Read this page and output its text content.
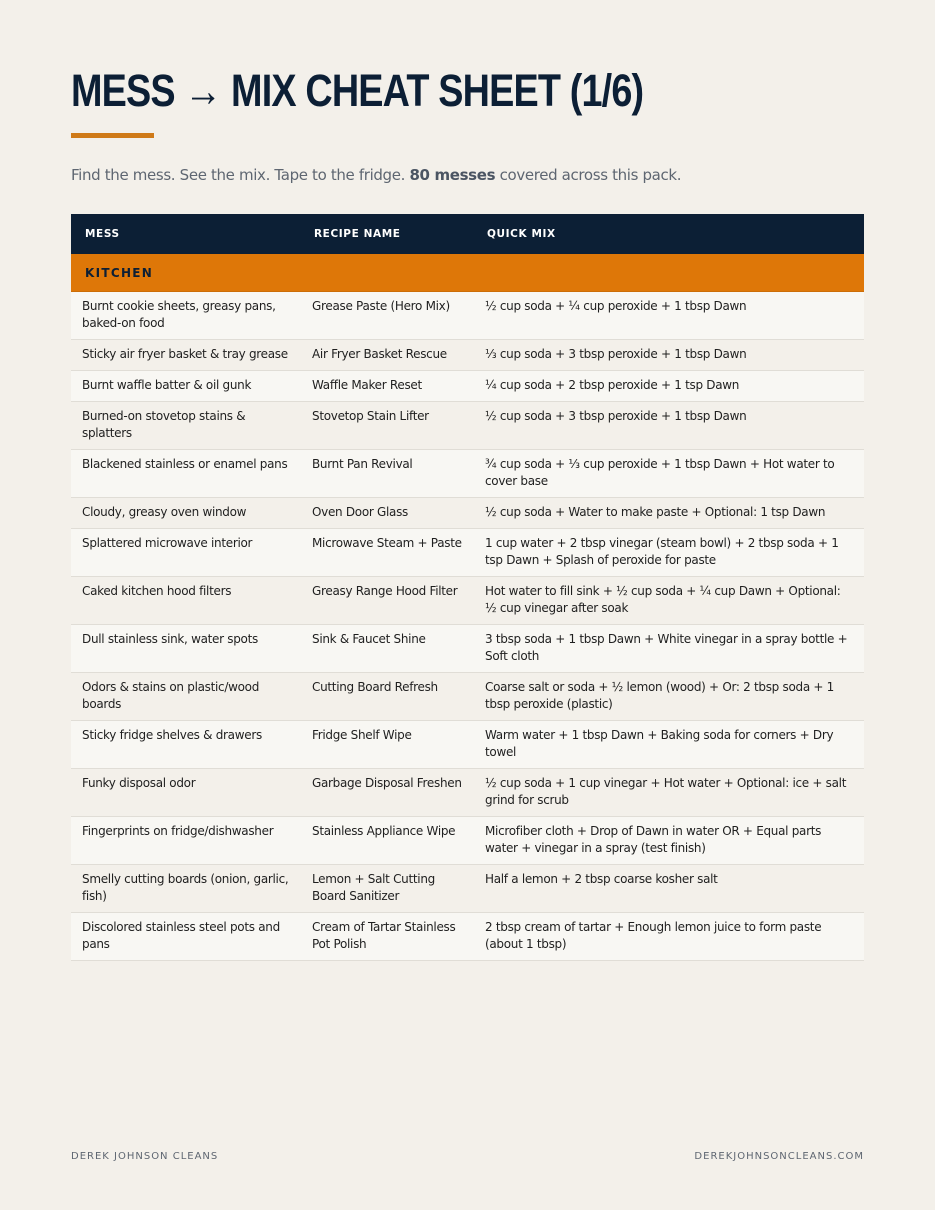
MESS → MIX CHEAT SHEET (1/6)
Find the mess. See the mix. Tape to the fridge. 80 messes covered across this pack.
MESS	RECIPE NAME	QUICK MIX
KITCHEN		
Burnt cookie sheets, greasy pans, baked-on food	Grease Paste (Hero Mix)	½ cup soda + ¼ cup peroxide + 1 tbsp Dawn
Sticky air fryer basket & tray grease	Air Fryer Basket Rescue	⅓ cup soda + 3 tbsp peroxide + 1 tbsp Dawn
Burnt waffle batter & oil gunk	Waffle Maker Reset	¼ cup soda + 2 tbsp peroxide + 1 tsp Dawn
Burned-on stovetop stains & splatters	Stovetop Stain Lifter	½ cup soda + 3 tbsp peroxide + 1 tbsp Dawn
Blackened stainless or enamel pans	Burnt Pan Revival	¾ cup soda + ⅓ cup peroxide + 1 tbsp Dawn + Hot water to cover base
Cloudy, greasy oven window	Oven Door Glass	½ cup soda + Water to make paste + Optional: 1 tsp Dawn
Splattered microwave interior	Microwave Steam + Paste	1 cup water + 2 tbsp vinegar (steam bowl) + 2 tbsp soda + 1 tsp Dawn + Splash of peroxide for paste
Caked kitchen hood filters	Greasy Range Hood Filter	Hot water to fill sink + ½ cup soda + ¼ cup Dawn + Optional: ½ cup vinegar after soak
Dull stainless sink, water spots	Sink & Faucet Shine	3 tbsp soda + 1 tbsp Dawn + White vinegar in a spray bottle + Soft cloth
Odors & stains on plastic/wood boards	Cutting Board Refresh	Coarse salt or soda + ½ lemon (wood) + Or: 2 tbsp soda + 1 tbsp peroxide (plastic)
Sticky fridge shelves & drawers	Fridge Shelf Wipe	Warm water + 1 tbsp Dawn + Baking soda for corners + Dry towel
Funky disposal odor	Garbage Disposal Freshen	½ cup soda + 1 cup vinegar + Hot water + Optional: ice + salt grind for scrub
Fingerprints on fridge/dishwasher	Stainless Appliance Wipe	Microfiber cloth + Drop of Dawn in water OR + Equal parts water + vinegar in a spray (test finish)
Smelly cutting boards (onion, garlic, fish)	Lemon + Salt Cutting Board Sanitizer	Half a lemon + 2 tbsp coarse kosher salt
Discolored stainless steel pots and pans	Cream of Tartar Stainless Pot Polish	2 tbsp cream of tartar + Enough lemon juice to form paste (about 1 tbsp)
DEREK JOHNSON CLEANS	DEREKJOHNSONCLEANS.COM
